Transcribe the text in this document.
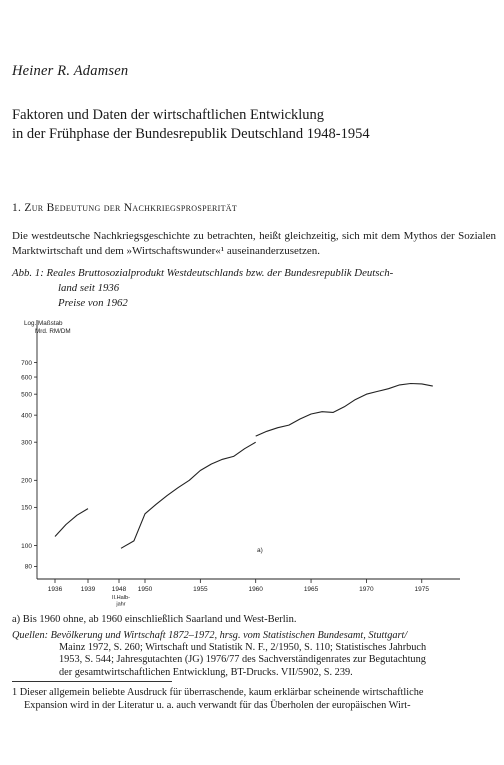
Heiner R. Adamsen
Faktoren und Daten der wirtschaftlichen Entwicklung
in der Frühphase der Bundesrepublik Deutschland 1948-1954
1. Zur Bedeutung der Nachkriegsprosperität
Die westdeutsche Nachkriegsgeschichte zu betrachten, heißt gleichzeitig, sich mit dem Mythos der Sozialen Marktwirtschaft und dem »Wirtschaftswunder«¹ auseinanderzusetzen.
Abb. 1: Reales Bruttosozialprodukt Westdeutschlands bzw. der Bundesrepublik Deutsch-
land seit 1936
Preise von 1962
Log. Maßstab
Mrd. RM/DM
80
100
150
200
300
400
500
600
700
1936	1939	1948 1950	1955	1960	1965	1970	1975
II.Halb-
jahr
a)
a) Bis 1960 ohne, ab 1960 einschließlich Saarland und West-Berlin.
Quellen: Bevölkerung und Wirtschaft 1872–1972, hrsg. vom Statistischen Bundesamt, Stuttgart/
Mainz 1972, S. 260; Wirtschaft und Statistik N. F., 2/1950, S. 110; Statistisches Jahrbuch
1953, S. 544; Jahresgutachten (JG) 1976/77 des Sachverständigenrates zur Begutachtung
der gesamtwirtschaftlichen Entwicklung, BT-Drucks. VII/5902, S. 239.
1 Dieser allgemein beliebte Ausdruck für überraschende, kaum erklärbar scheinende wirtschaftliche
Expansion wird in der Literatur u. a. auch verwandt für das Überholen der europäischen Wirt-
